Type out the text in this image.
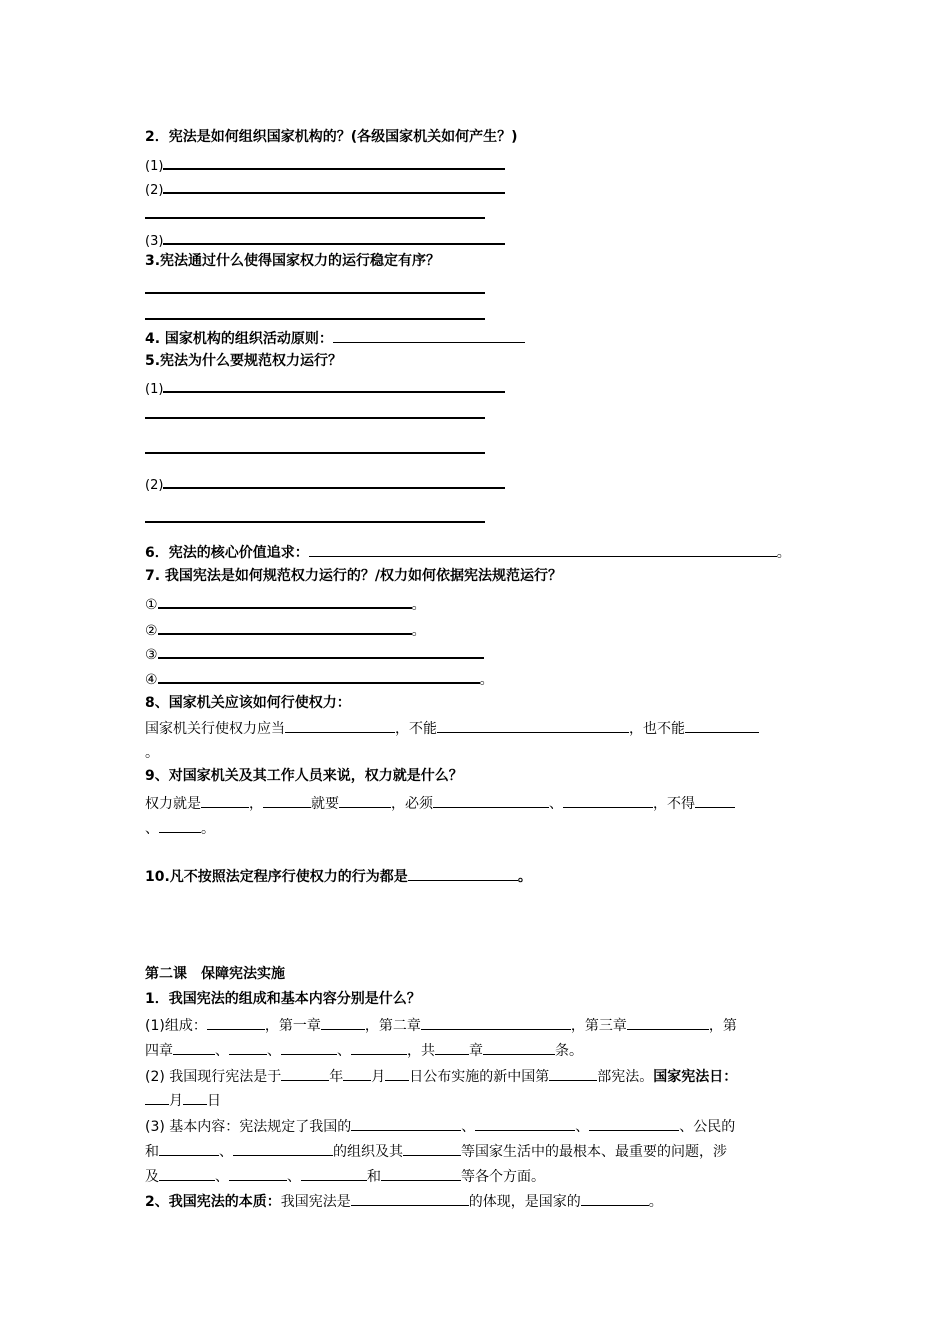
2．宪法是如何组织国家机构的？(各级国家机关如何产生？)
(1)
(2)
(3)
3.宪法通过什么使得国家权力的运行稳定有序？
4. 国家机构的组织活动原则：
5.宪法为什么要规范权力运行？
(1)
(2)
6．宪法的核心价值追求：	。
7. 我国宪法是如何规范权力运行的？/权力如何依据宪法规范运行？
①	。
②	。
③
④	。
8、国家机关应该如何行使权力：
国家机关行使权力应当	，不能	，也不能
。
9、对国家机关及其工作人员来说，权力就是什么？
权力就是	，	就要	，必须	、	，不得
、	。
10.凡不按照法定程序行使权力的行为都是	。
第二课　保障宪法实施
1．我国宪法的组成和基本内容分别是什么？
(1)组成：	，第一章	，第二章	，第三章	，第
四章	、	、	、	，共 章	条。
(2) 我国现行宪法是于	年 月 日公布实施的新中国第	部宪法。国家宪法日：
月 日
(3) 基本内容：宪法规定了我国的	、	、	、公民的
和	、	的组织及其	等国家生活中的最根本、最重要的问题，涉
及	、	、	和	等各个方面。
2、我国宪法的本质：我国宪法是	的体现，是国家的	。
